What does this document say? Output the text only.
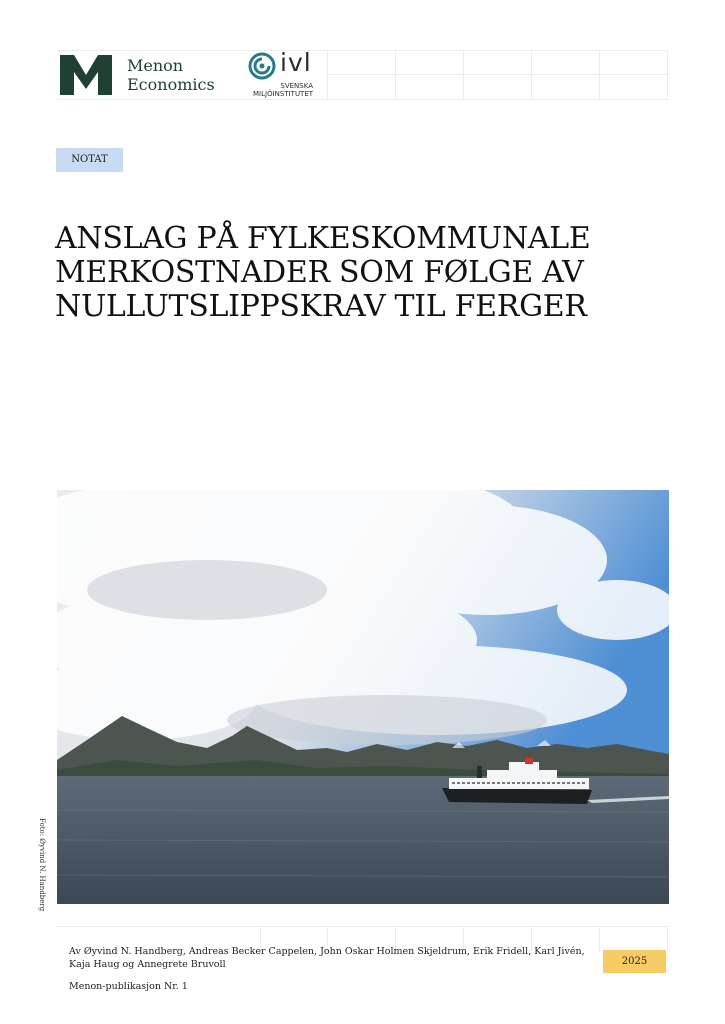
Menon
Economics
ivl
SVENSKA
MILJÖINSTITUTET
NOTAT
ANSLAG PÅ FYLKESKOMMUNALE
MERKOSTNADER SOM FØLGE AV
NULLUTSLIPPSKRAV TIL FERGER
Foto: Øyvind N. Handberg
Av Øyvind N. Handberg, Andreas Becker Cappelen, John Oskar Holmen Skjeldrum, Erik Fridell, Karl Jivén, Kaja Haug og Annegrete Bruvoll
Menon-publikasjon Nr. 1
2025
